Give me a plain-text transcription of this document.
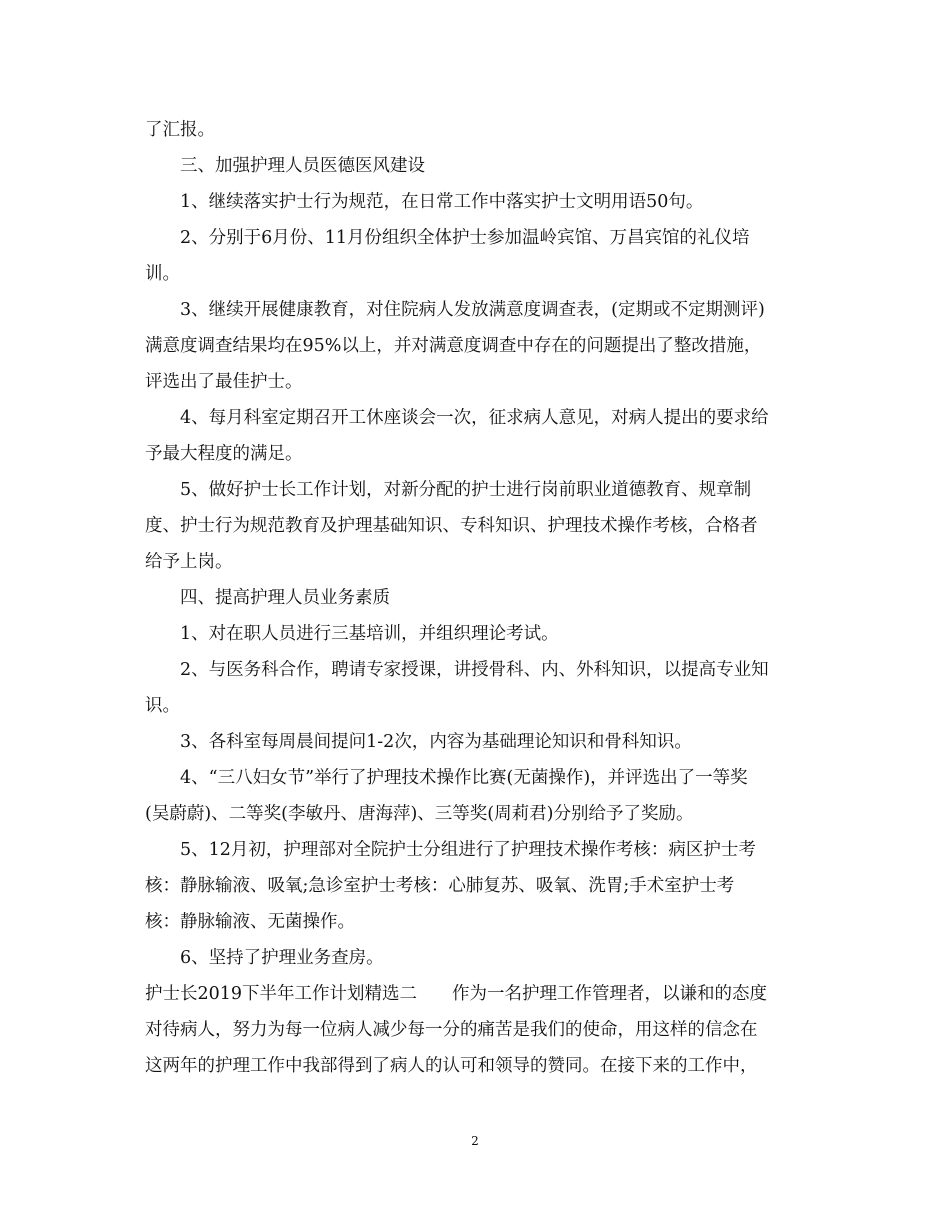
了汇报。
三、加强护理人员医德医风建设
1、继续落实护士行为规范，在日常工作中落实护士文明用语50句。
2、分别于6月份、11月份组织全体护士参加温岭宾馆、万昌宾馆的礼仪培
训。
3、继续开展健康教育，对住院病人发放满意度调查表，(定期或不定期测评)
满意度调查结果均在95%以上，并对满意度调查中存在的问题提出了整改措施，
评选出了最佳护士。
4、每月科室定期召开工休座谈会一次，征求病人意见，对病人提出的要求给
予最大程度的满足。
5、做好护士长工作计划，对新分配的护士进行岗前职业道德教育、规章制
度、护士行为规范教育及护理基础知识、专科知识、护理技术操作考核，合格者
给予上岗。
四、提高护理人员业务素质
1、对在职人员进行三基培训，并组织理论考试。
2、与医务科合作，聘请专家授课，讲授骨科、内、外科知识，以提高专业知
识。
3、各科室每周晨间提问1-2次，内容为基础理论知识和骨科知识。
4、“三八妇女节”举行了护理技术操作比赛(无菌操作)，并评选出了一等奖
(吴蔚蔚)、二等奖(李敏丹、唐海萍)、三等奖(周莉君)分别给予了奖励。
5、12月初，护理部对全院护士分组进行了护理技术操作考核：病区护士考
核：静脉输液、吸氧;急诊室护士考核：心肺复苏、吸氧、洗胃;手术室护士考
核：静脉输液、无菌操作。
6、坚持了护理业务查房。
护士长2019下半年工作计划精选二　　作为一名护理工作管理者，以谦和的态度
对待病人，努力为每一位病人减少每一分的痛苦是我们的使命，用这样的信念在
这两年的护理工作中我部得到了病人的认可和领导的赞同。在接下来的工作中，
2
